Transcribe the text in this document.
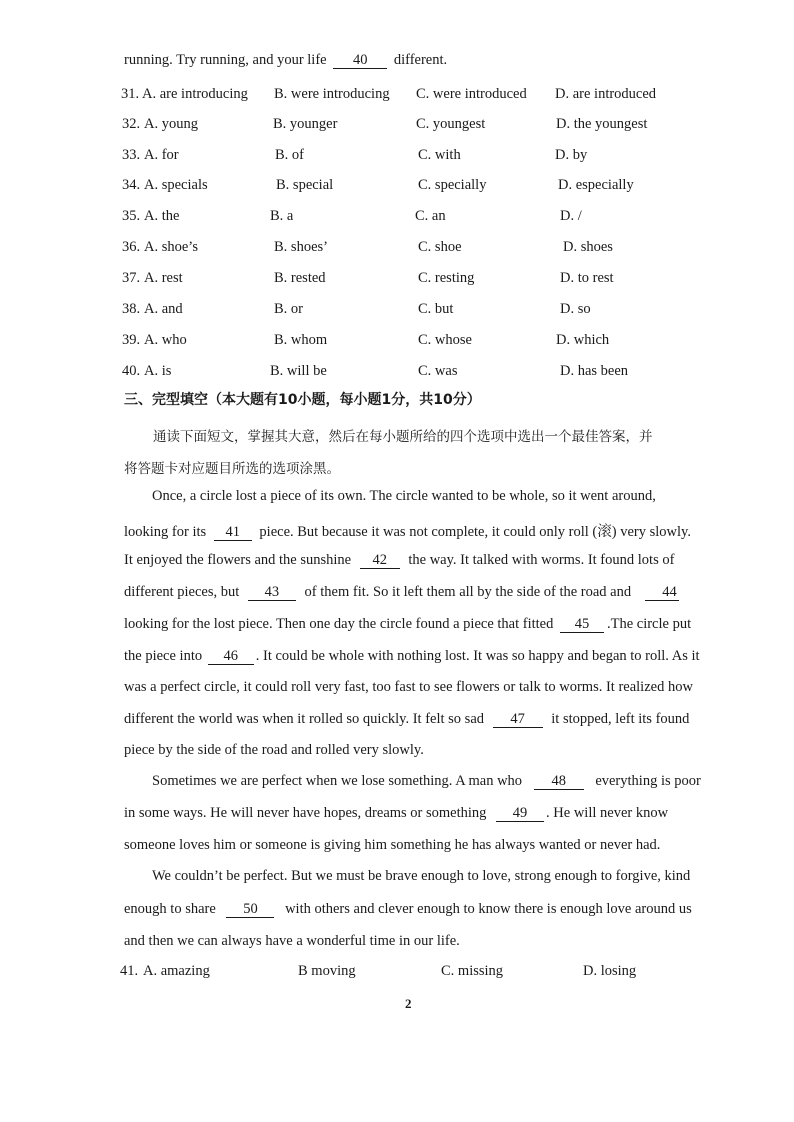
running. Try running, and your life 40 different.
31. A. are introducing B. were introducing C. were introduced D. are introduced
32. A. young	B. younger	C. youngest	D. the youngest
33. A. for	B. of	C. with	D. by
34. A. specials	B. special	C. specially	D. especially
35. A. the	B. a	C. an	D. /
36. A. shoe’s	B. shoes’	C. shoe	D. shoes
37. A. rest	B. rested	C. resting	D. to rest
38. A. and	B. or	C. but	D. so
39. A. who	B. whom	C. whose	D. which
40. A. is	B. will be	C. was	D. has been
三、完型填空（本大题有10小题，每小题1分，共10分）
通读下面短文，掌握其大意，然后在每小题所给的四个选项中选出一个最佳答案，并
将答题卡对应题目所选的选项涂黑。
Once, a circle lost a piece of its own. The circle wanted to be whole, so it went around,
looking for its 41 piece. But because it was not complete, it could only roll (滚) very slowly.
It enjoyed the flowers and the sunshine 42 the way. It talked with worms. It found lots of
different pieces, but 43 of them fit. So it left them all by the side of the road and 44
looking for the lost piece. Then one day the circle found a piece that fitted 45 .The circle put
the piece into 46 . It could be whole with nothing lost. It was so happy and began to roll. As it
was a perfect circle, it could roll very fast, too fast to see flowers or talk to worms. It realized how
different the world was when it rolled so quickly. It felt so sad 47 it stopped, left its found
piece by the side of the road and rolled very slowly.
Sometimes we are perfect when we lose something. A man who 48 everything is poor
in some ways. He will never have hopes, dreams or something 49 . He will never know
someone loves him or someone is giving him something he has always wanted or never had.
We couldn’t be perfect. But we must be brave enough to love, strong enough to forgive, kind
enough to share 50 with others and clever enough to know there is enough love around us
and then we can always have a wonderful time in our life.
41. A. amazing	B moving	C. missing	D. losing
2
